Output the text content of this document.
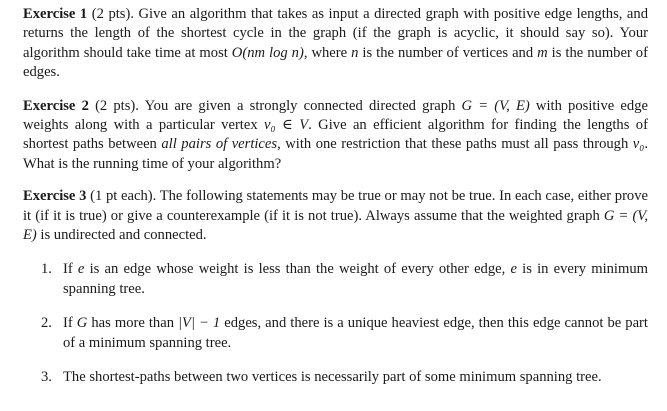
Exercise 1 (2 pts). Give an algorithm that takes as input a directed graph with positive edge lengths, and returns the length of the shortest cycle in the graph (if the graph is acyclic, it should say so). Your algorithm should take time at most O(nm log n), where n is the number of vertices and m is the number of edges.

Exercise 2 (2 pts). You are given a strongly connected directed graph G = (V, E) with positive edge weights along with a particular vertex v₀ ∈ V. Give an efficient algorithm for finding the lengths of shortest paths between all pairs of vertices, with one restriction that these paths must all pass through v₀. What is the running time of your algorithm?

Exercise 3 (1 pt each). The following statements may be true or may not be true. In each case, either prove it (if it is true) or give a counterexample (if it is not true). Always assume that the weighted graph G = (V, E) is undirected and connected.

1. If e is an edge whose weight is less than the weight of every other edge, e is in every minimum spanning tree.
2. If G has more than |V| − 1 edges, and there is a unique heaviest edge, then this edge cannot be part of a minimum spanning tree.
3. The shortest-paths between two vertices is necessarily part of some minimum spanning tree.
